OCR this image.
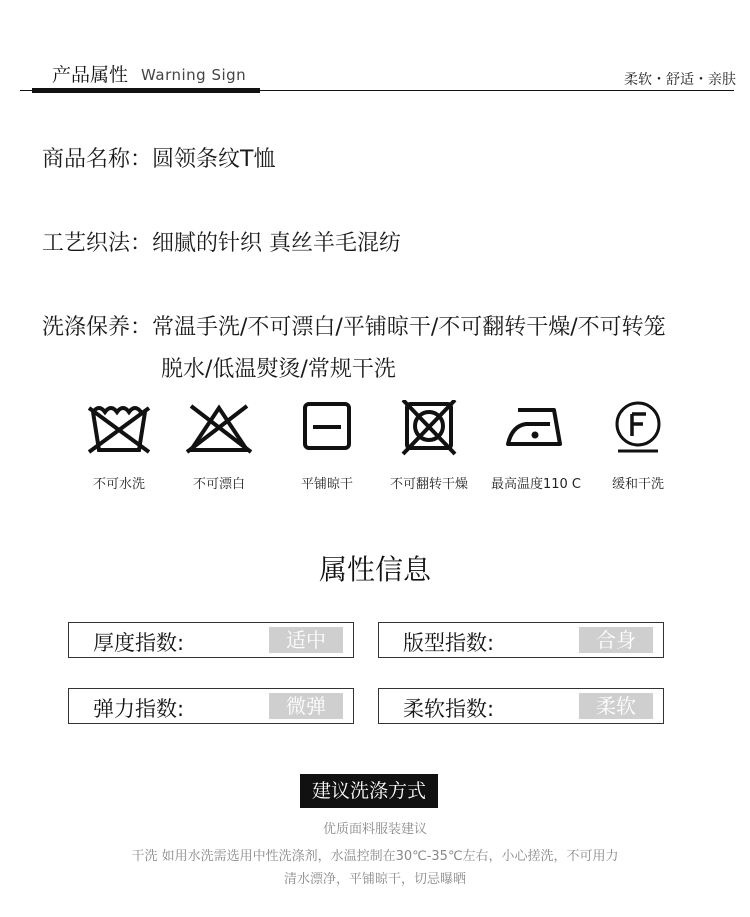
产品属性 Warning Sign	柔软・舒适・亲肤
商品名称：圆领条纹T恤
工艺织法：细腻的针织 真丝羊毛混纺
洗涤保养：常温手洗/不可漂白/平铺晾干/不可翻转干燥/不可转笼
脱水/低温熨烫/常规干洗
不可水洗	不可漂白	平铺晾干	不可翻转干燥	最高温度110 C	缓和干洗
属性信息
厚度指数:	适中	版型指数:	合身
弹力指数:	微弹	柔软指数:	柔软
建议洗涤方式
优质面料服装建议
干洗 如用水洗需选用中性洗涤剂，水温控制在30℃-35℃左右，小心搓洗，不可用力
清水漂净，平铺晾干，切忌曝晒
